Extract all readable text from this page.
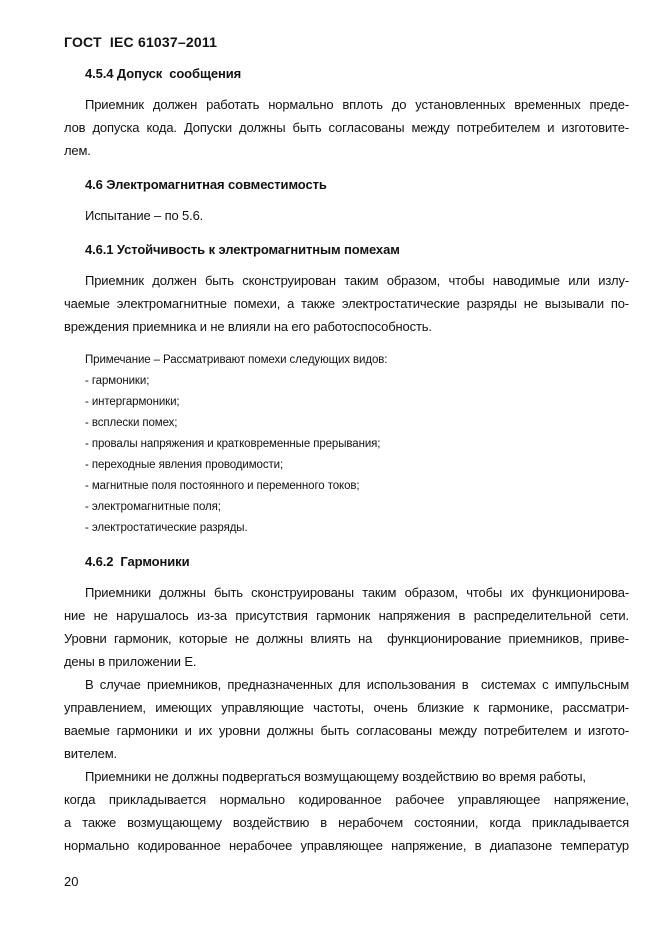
ГОСТ  IEC 61037–2011
4.5.4 Допуск  сообщения
Приемник должен работать нормально вплоть до установленных временных преде-
лов допуска кода. Допуски должны быть согласованы между потребителем и изготовите-
лем.
4.6 Электромагнитная совместимость
Испытание – по 5.6.
4.6.1 Устойчивость к электромагнитным помехам
Приемник должен быть сконструирован таким образом, чтобы наводимые или излу-
чаемые электромагнитные помехи, а также электростатические разряды не вызывали по-
вреждения приемника и не влияли на его работоспособность.
Примечание – Рассматривают помехи следующих видов:
- гармоники;
- интергармоники;
- всплески помех;
- провалы напряжения и кратковременные прерывания;
- переходные явления проводимости;
- магнитные поля постоянного и переменного токов;
- электромагнитные поля;
- электростатические разряды.
4.6.2  Гармоники
Приемники должны быть сконструированы таким образом, чтобы их функционирова-
ние не нарушалось из-за присутствия гармоник напряжения в распределительной сети.
Уровни гармоник, которые не должны влиять на  функционирование приемников, приве-
дены в приложении Е.
В случае приемников, предназначенных для использования в  системах с импульсным
управлением, имеющих управляющие частоты, очень близкие к гармонике, рассматри-
ваемые гармоники и их уровни должны быть согласованы между потребителем и изгото-
вителем.
Приемники не должны подвергаться возмущающему воздействию во время работы,
когда прикладывается нормально кодированное рабочее управляющее напряжение,
а также возмущающему воздействию в нерабочем состоянии, когда прикладывается
нормально кодированное нерабочее управляющее напряжение, в диапазоне температур
20
